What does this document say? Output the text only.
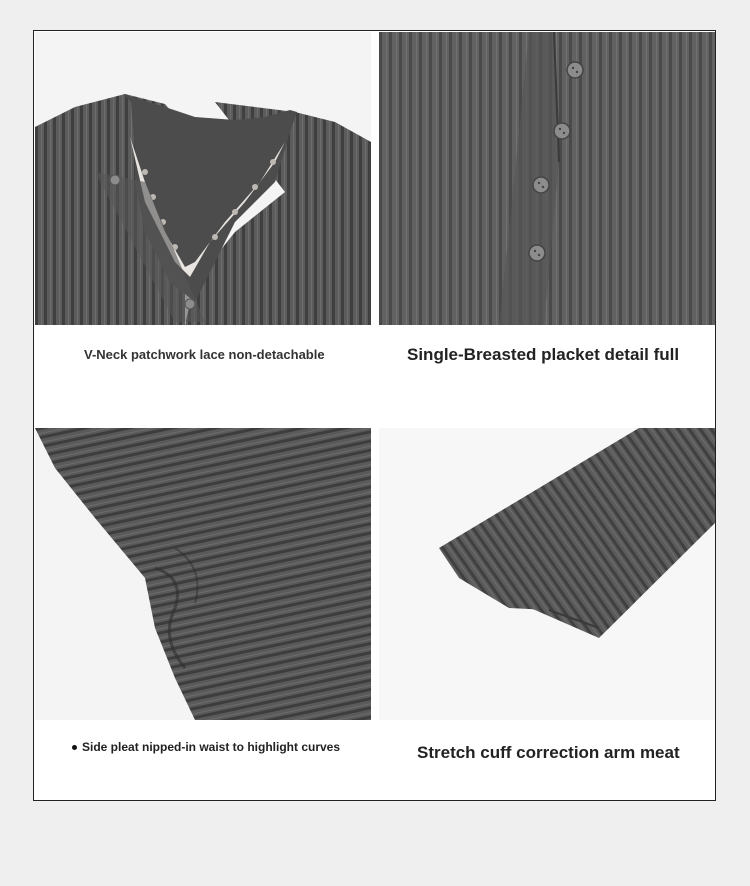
V-Neck patchwork lace non-detachable	Single-Breasted placket detail full
Side pleat nipped-in waist to highlight curves	Stretch cuff correction arm meat
